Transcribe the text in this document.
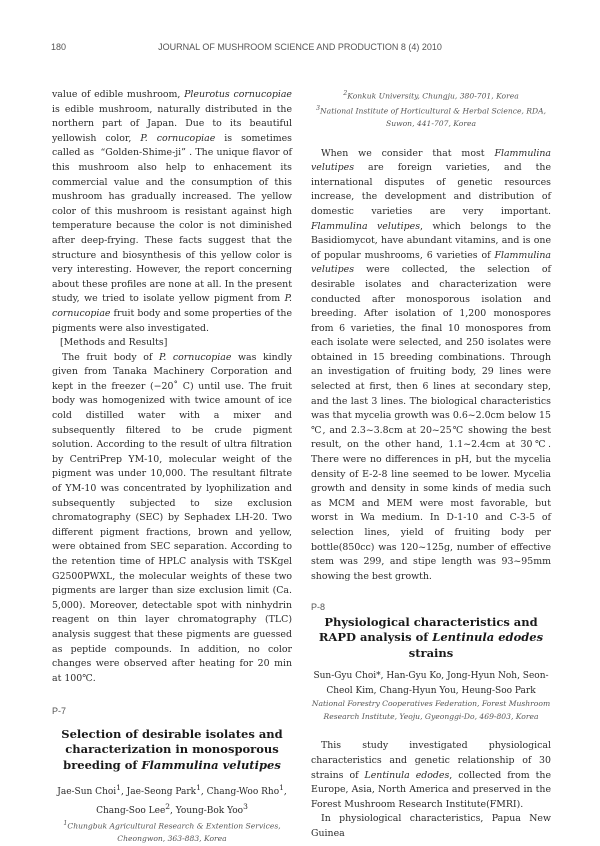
180	JOURNAL OF MUSHROOM SCIENCE AND PRODUCTION 8 (4) 2010

value of edible mushroom, Pleurotus cornucopiae is edible mushroom, naturally distributed in the northern part of Japan. Due to its beautiful yellowish color, P. cornucopiae is sometimes called as  “Golden-Shime-ji” . The unique flavor of this mushroom also help to enhacement its commercial value and the consumption of this mushroom has gradually increased. The yellow color of this mushroom is resistant against high temperature because the color is not diminished after deep-frying. These facts suggest that the structure and biosynthesis of this yellow color is very interesting. However, the report concerning about these profiles are none at all. In the present study, we tried to isolate yellow pigment from P. cornucopiae fruit body and some properties of the pigments were also investigated.

[Methods and Results]

The fruit body of P. cornucopiae was kindly given from Tanaka Machinery Corporation and kept in the freezer (−20˚ C) until use. The fruit body was homogenized with twice amount of ice cold distilled water with a mixer and subsequently filtered to be crude pigment solution. According to the result of ultra filtration by CentriPrep YM-10, molecular weight of the pigment was under 10,000. The resultant filtrate of YM-10 was concentrated by lyophilization and subsequently subjected to size exclusion chromatography (SEC) by Sephadex LH-20. Two different pigment fractions, brown and yellow, were obtained from SEC separation. According to the retention time of HPLC analysis with TSKgel G2500PWXL, the molecular weights of these two pigments are larger than size exclusion limit (Ca. 5,000). Moreover, detectable spot with ninhydrin reagent on thin layer chromatography (TLC) analysis suggest that these pigments are guessed as peptide compounds. In addition, no color changes were observed after heating for 20 min at 100℃.

P-7

Selection of desirable isolates and characterization in monosporous breeding of Flammulina velutipes

Jae-Sun Choi$^1$, Jae-Seong Park$^1$, Chang-Woo Rho$^1$, Chang-Soo Lee$^2$, Young-Bok Yoo$^3$

$^1$Chungbuk Agricultural Research & Extention Services, Cheongwon, 363-883, Korea

$^2$Konkuk University, Chungju, 380-701, Korea
$^3$National Institute of Horticultural & Herbal Science, RDA, Suwon, 441-707, Korea

When we consider that most Flammulina velutipes are foreign varieties, and the international disputes of genetic resources increase, the development and distribution of domestic varieties are very important. Flammulina velutipes, which belongs to the Basidiomycot, have abundant vitamins, and is one of popular mushrooms, 6 varieties of Flammulina velutipes were collected, the selection of desirable isolates and characterization were conducted after monosporous isolation and breeding. After isolation of 1,200 monospores from 6 varieties, the final 10 monospores from each isolate were selected, and 250 isolates were obtained in 15 breeding combinations. Through an investigation of fruiting body, 29 lines were selected at first, then 6 lines at secondary step, and the last 3 lines. The biological characteristics was that mycelia growth was 0.6~2.0cm below 15 ℃, and 2.3~3.8cm at 20~25℃ showing the best result, on the other hand, 1.1~2.4cm at 30℃. There were no differences in pH, but the mycelia density of E-2-8 line seemed to be lower. Mycelia growth and density in some kinds of media such as MCM and MEM were most favorable, but worst in Wa medium. In D-1-10 and C-3-5 of selection lines, yield of fruiting body per bottle(850cc) was 120~125g, number of effective stem was 299, and stipe length was 93~95mm showing the best growth.

P-8

Physiological characteristics and RAPD analysis of Lentinula edodes strains

Sun-Gyu Choi*, Han-Gyu Ko, Jong-Hyun Noh, Seon-Cheol Kim, Chang-Hyun You, Heung-Soo Park

National Forestry Cooperatives Federation, Forest Mushroom Research Institute, Yeoju, Gyeonggi-Do, 469-803, Korea

This study investigated physiological characteristics and genetic relationship of 30 strains of Lentinula edodes, collected from the Europe, Asia, North America and preserved in the Forest Mushroom Research Institute(FMRI).

In physiological characteristics, Papua New Guinea
